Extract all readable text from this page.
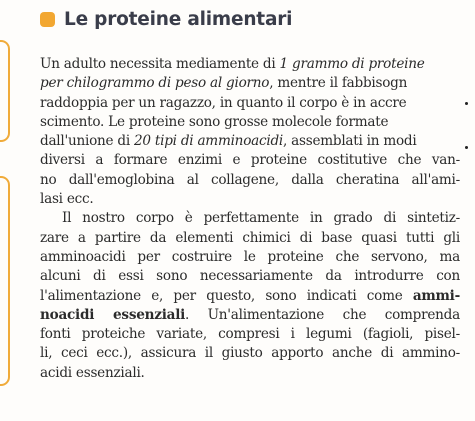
Le proteine alimentari
Un adulto necessita mediamente di 1 grammo di proteine
per chilogrammo di peso al giorno, mentre il fabbisogn
raddoppia per un ragazzo, in quanto il corpo è in accre
scimento. Le proteine sono grosse molecole formate
dall'unione di 20 tipi di amminoacidi, assemblati in modi
diversi a formare enzimi e proteine costitutive che van-
no dall'emoglobina al collagene, dalla cheratina all'ami-
lasi ecc.
Il nostro corpo è perfettamente in grado di sintetiz-
zare a partire da elementi chimici di base quasi tutti gli
amminoacidi per costruire le proteine che servono, ma
alcuni di essi sono necessariamente da introdurre con
l'alimentazione e, per questo, sono indicati come ammi-
noacidi essenziali. Un'alimentazione che comprenda
fonti proteiche variate, compresi i legumi (fagioli, pisel-
li, ceci ecc.), assicura il giusto apporto anche di ammino-
acidi essenziali.
